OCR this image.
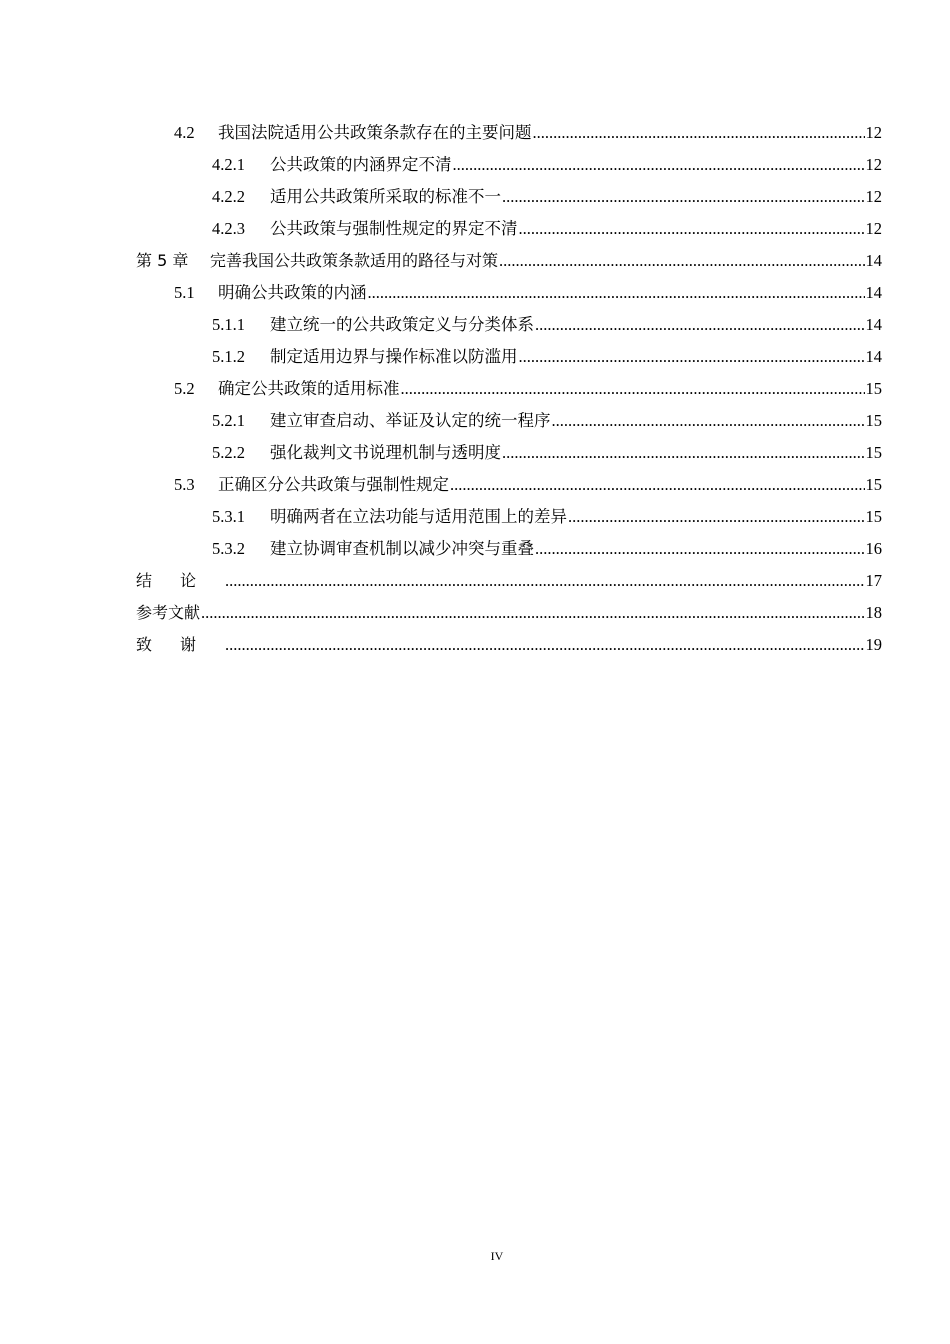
4.2	我国法院适用公共政策条款存在的主要问题 .....	12
4.2.1	公共政策的内涵界定不清 .....	12
4.2.2	适用公共政策所采取的标准不一 .....	12
4.2.3	公共政策与强制性规定的界定不清 .....	12
第 5 章	完善我国公共政策条款适用的路径与对策 .....	14
5.1	明确公共政策的内涵 .....	14
5.1.1	建立统一的公共政策定义与分类体系 .....	14
5.1.2	制定适用边界与操作标准以防滥用 .....	14
5.2	确定公共政策的适用标准 .....	15
5.2.1	建立审查启动、举证及认定的统一程序 .....	15
5.2.2	强化裁判文书说理机制与透明度 .....	15
5.3	正确区分公共政策与强制性规定 .....	15
5.3.1	明确两者在立法功能与适用范围上的差异 .....	15
5.3.2	建立协调审查机制以减少冲突与重叠 .....	16
结论 .....	17
参考文献 .....	18
致谢 .....	19
IV
